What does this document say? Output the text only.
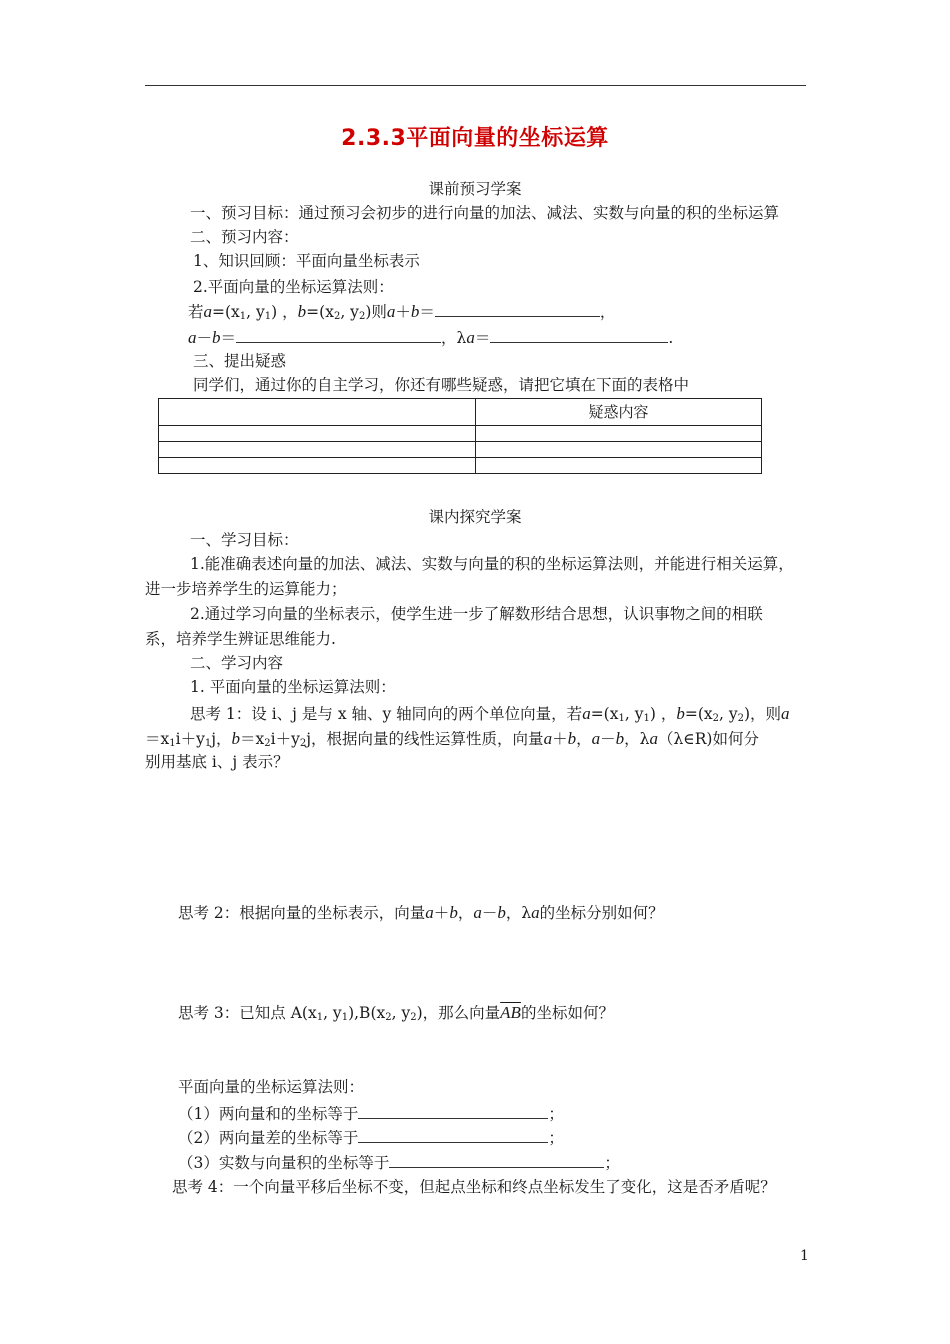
2.3.3平面向量的坐标运算
课前预习学案
一、预习目标：通过预习会初步的进行向量的加法、减法、实数与向量的积的坐标运算
二、预习内容：
1、知识回顾：平面向量坐标表示
2.平面向量的坐标运算法则：
若$a=(x_1$, $y_1$) ，$b=(x_2$, $y_2$)则a＋b＝	，
a－b＝	，λa＝	.
三、提出疑惑
同学们，通过你的自主学习，你还有哪些疑惑，请把它填在下面的表格中
	疑惑内容

课内探究学案
一、学习目标：
1.能准确表述向量的加法、减法、实数与向量的积的坐标运算法则，并能进行相关运算，
进一步培养学生的运算能力；
2.通过学习向量的坐标表示，使学生进一步了解数形结合思想，认识事物之间的相联
系，培养学生辨证思维能力.
二、学习内容
1. 平面向量的坐标运算法则：
思考 1：设 i、j 是与 x 轴、y 轴同向的两个单位向量，若$a=(x_1$, $y_1$) ，$b=(x_2$, $y_2$)，则a
$=x_1i+y_1j$，$b=x_2i+y_2j$，根据向量的线性运算性质，向量a＋b，a－b，λa（λ∈R)如何分
别用基底 i、j 表示？
思考 2：根据向量的坐标表示，向量a＋b，a－b，λa的坐标分别如何？
思考 3：已知点 $A(x_1$, $y_1),B(x_2$, $y_2$)，那么向量$\overline{AB}$的坐标如何？
平面向量的坐标运算法则：
（1）两向量和的坐标等于	；
（2）两向量差的坐标等于	；
（3）实数与向量积的坐标等于	；
思考 4：一个向量平移后坐标不变，但起点坐标和终点坐标发生了变化，这是否矛盾呢？
1
